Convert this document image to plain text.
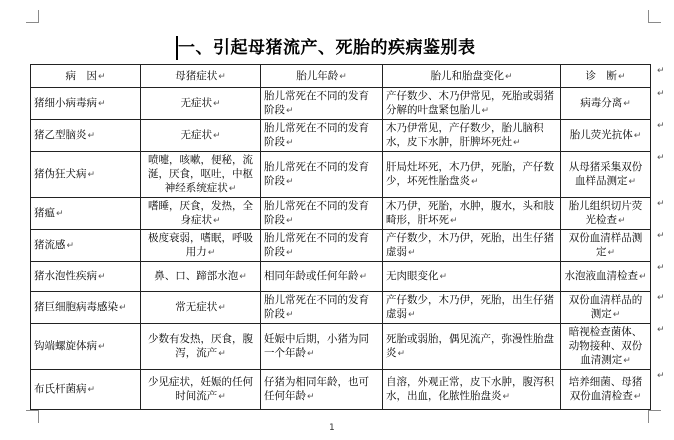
一、引起母猪流产、死胎的疾病鉴别表
病　因↵	母猪症状↵	胎儿年龄↵	胎儿和胎盘变化↵	诊　断↵
猪细小病毒病↵	无症状↵	胎儿常死在不同的发育阶段↵	产仔数少、木乃伊常见，死胎或弱猪分解的叶盘紧包胎儿↵	病毒分离↵
猪乙型脑炎↵	无症状↵	胎儿常死在不同的发育阶段↵	木乃伊常见，产仔数少，胎儿脑积水，皮下水肿，肝脾坏死灶↵	胎儿荧光抗体↵
猪伪狂犬病↵	喷嚏，咳嗽，便秘，流涎，厌食，呕吐，中枢神经系统症状↵	胎儿常死在不同的发育阶段↵	肝局灶坏死，木乃伊，死胎，产仔数少，坏死性胎盘炎↵	从母猪采集双份血样品测定↵
猪瘟↵	嗜睡，厌食，发热，全身症状↵	胎儿常死在不同的发育阶段↵	木乃伊，死胎，水肿，腹水，头和肢畸形，肝坏死↵	胎儿组织切片荧光检查↵
猪流感↵	极度衰弱，嗜眠，呼吸用力↵	胎儿常死在不同的发育阶段↵	产仔数少，木乃伊，死胎，出生仔猪虚弱↵	双份血清样品测定↵
猪水泡性疾病↵	鼻、口、蹄部水泡↵	相同年龄或任何年龄↵	无肉眼变化↵	水泡液血清检查↵
猪巨细胞病毒感染↵	常无症状↵	胎儿常死在不同的发育阶段↵	产仔数少，木乃伊，死胎，出生仔猪虚弱↵	双份血清样品的测定↵
钩端螺旋体病↵	少数有发热，厌食，腹泻，流产↵	妊娠中后期，小猪为同一个年龄↵	死胎或弱胎，偶见流产，弥漫性胎盘炎↵	暗视检查菌体、动物接种、双份血清测定↵
布氏杆菌病↵	少见症状，妊娠的任何时间流产↵	仔猪为相同年龄，也可任何年龄↵	自溶，外观正常，皮下水肿，腹泻积水，出血，化脓性胎盘炎↵	培养细菌、母猪双份血清检查↵
↵
↵
↵
↵
↵
↵
↵
↵
↵
↵
1
